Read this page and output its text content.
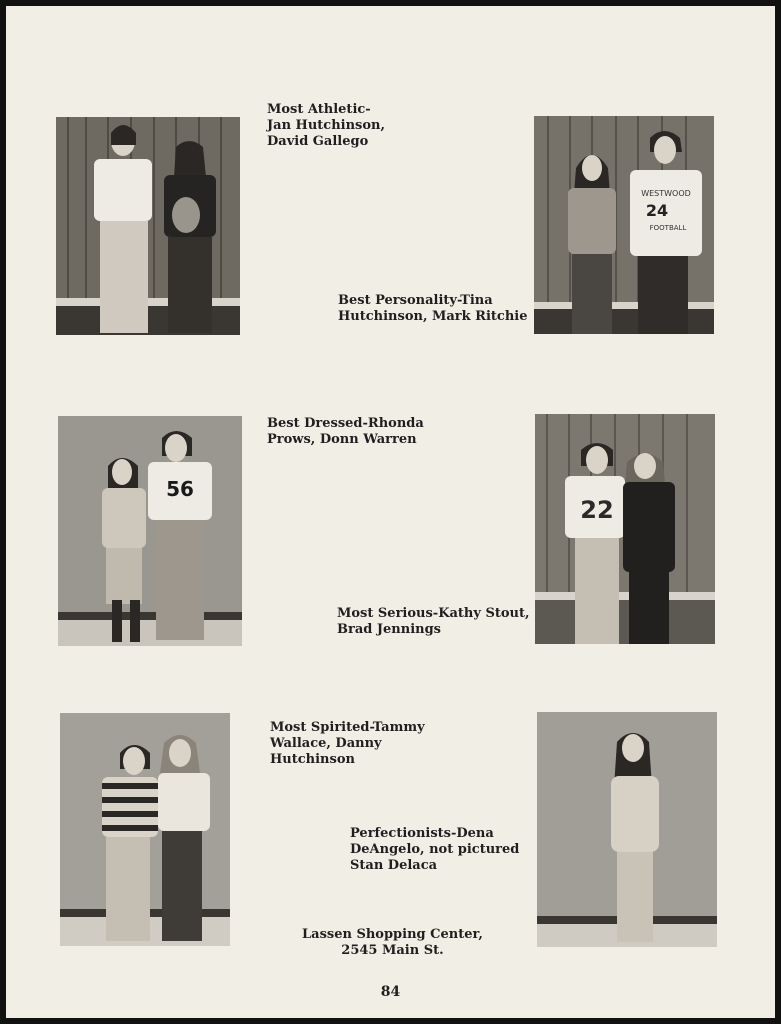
WESTWOOD
24
FOOTBALL
56
22
Most Athletic-
Jan Hutchinson,
David Gallego
Best Personality-Tina
Hutchinson, Mark Ritchie
Best Dressed-Rhonda
Prows, Donn Warren
Most Serious-Kathy Stout,
Brad Jennings
Most Spirited-Tammy
Wallace, Danny
Hutchinson
Perfectionists-Dena
DeAngelo, not pictured
Stan Delaca
Lassen Shopping Center,
2545 Main St.
84
